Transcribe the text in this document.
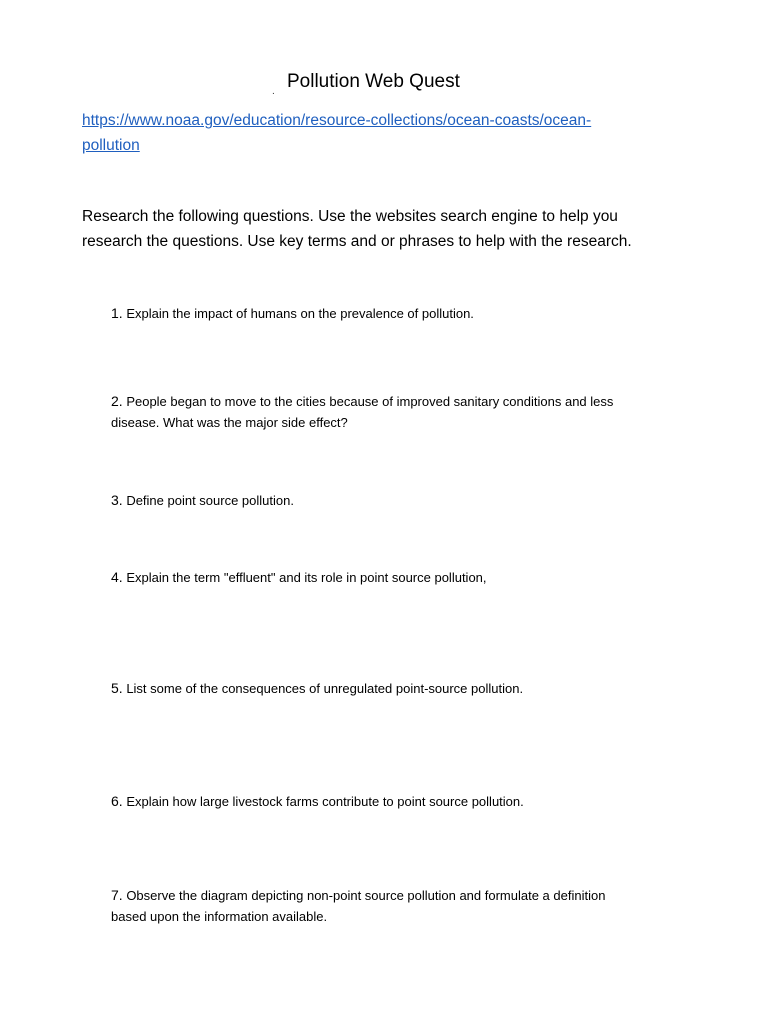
. Pollution Web Quest
https://www.noaa.gov/education/resource-collections/ocean-coasts/ocean-
pollution
Research the following questions. Use the websites search engine to help you
research the questions. Use key terms and or phrases to help with the research.
1. Explain the impact of humans on the prevalence of pollution.
2. People began to move to the cities because of improved sanitary conditions and less
disease. What was the major side effect?
3. Define point source pollution.
4. Explain the term "effluent" and its role in point source pollution,
5. List some of the consequences of unregulated point-source pollution.
6. Explain how large livestock farms contribute to point source pollution.
7. Observe the diagram depicting non-point source pollution and formulate a definition
based upon the information available.
